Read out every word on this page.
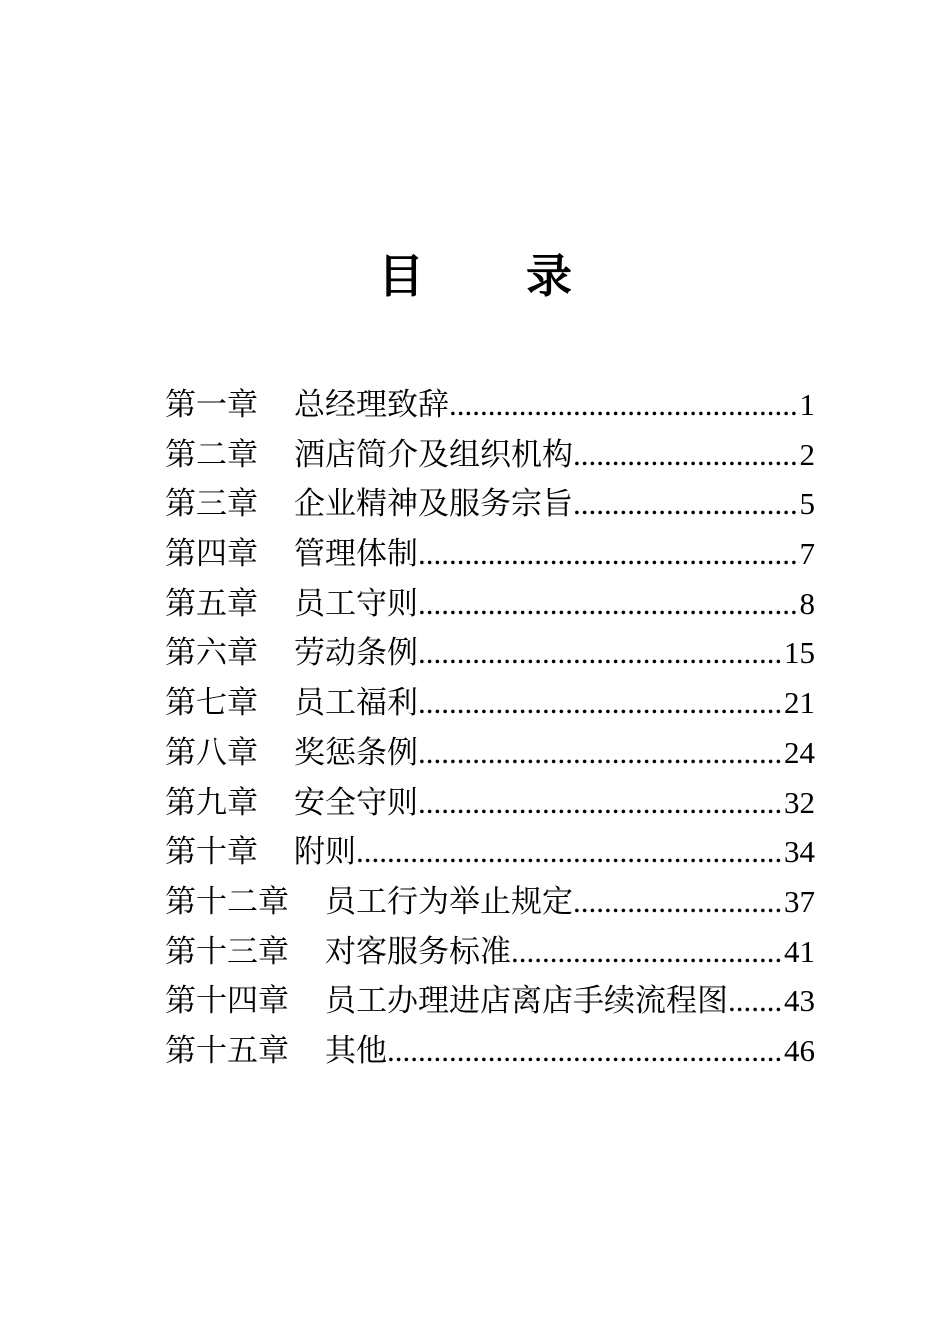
目　录
第一章 总经理致辞 .....	1
第二章 酒店简介及组织机构 .....	2
第三章 企业精神及服务宗旨 .....	5
第四章 管理体制 .....	7
第五章 员工守则 .....	8
第六章 劳动条例 .....	15
第七章 员工福利 .....	21
第八章 奖惩条例 .....	24
第九章 安全守则 .....	32
第十章 附则 .....	34
第十二章 员工行为举止规定 .....	37
第十三章 对客服务标准 .....	41
第十四章 员工办理进店离店手续流程图 ..... 43
第十五章 其他 .....	46
